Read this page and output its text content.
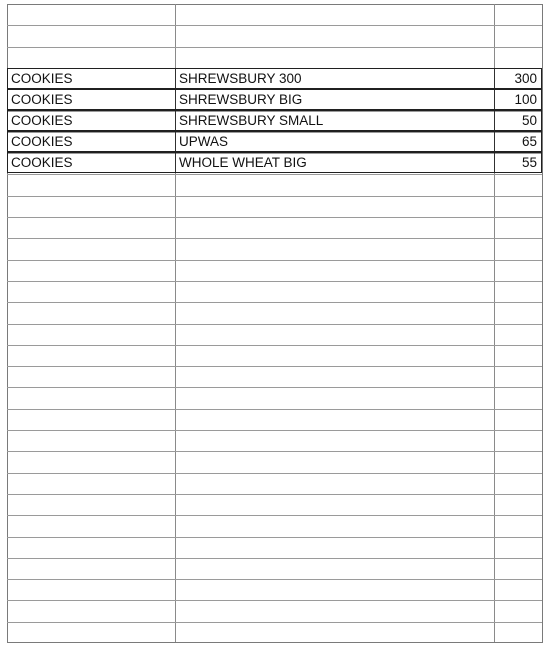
COOKIES	SHREWSBURY 300	300
COOKIES	SHREWSBURY BIG	100
COOKIES	SHREWSBURY SMALL	50
COOKIES	UPWAS	65
COOKIES	WHOLE WHEAT BIG	55
